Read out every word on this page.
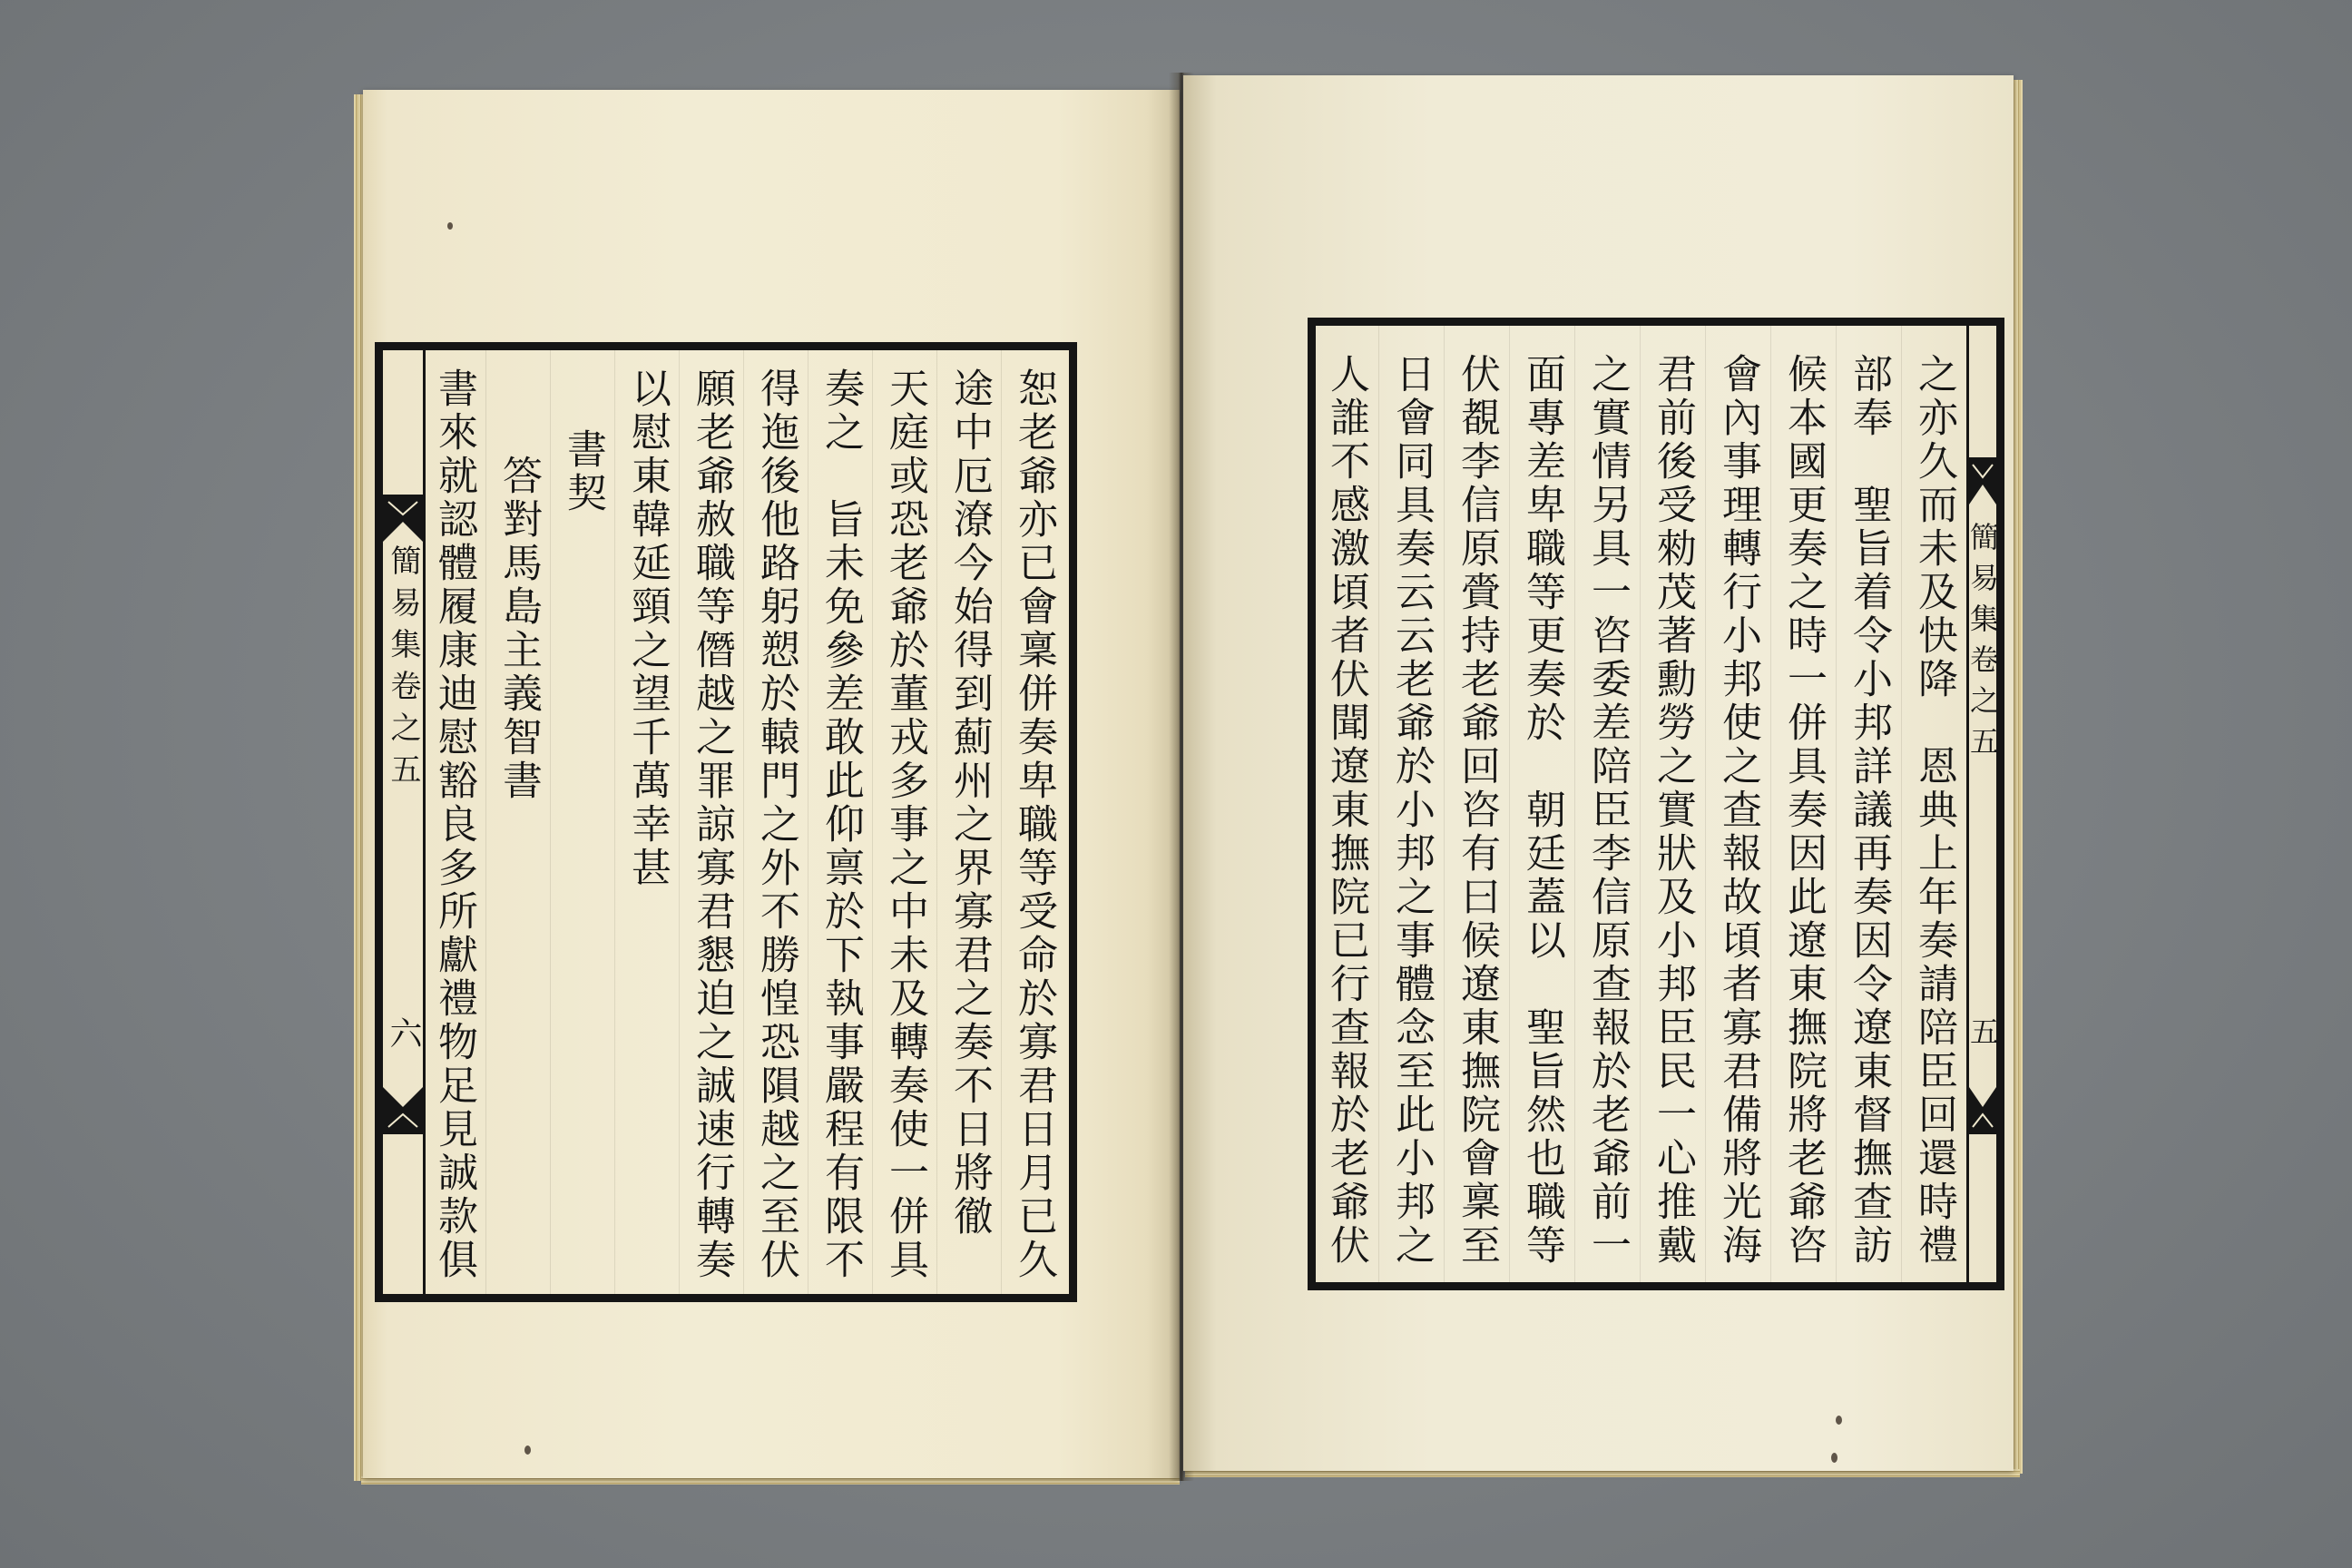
簡易集卷之五
六	恕老爺亦已會稟併奏卑職等受命於寡君日月已久
途中厄潦今始得到薊州之界寡君之奏不日將徹
天庭或恐老爺於董戎多事之中未及轉奏使一併具
奏之　旨未免參差敢此仰禀於下執事嚴程有限不
得迤後他路躬愬於轅門之外不勝惶恐隕越之至伏
願老爺赦職等僭越之罪諒寡君懇迫之誠速行轉奏
以慰東韓延頸之望千萬幸甚
書契
答對馬島主義智書
書來就認體履康迪慰豁良多所獻禮物足見誠款俱	之亦久而未及快降　恩典上年奏請陪臣回還時禮
部奉　聖旨着令小邦詳議再奏因令遼東督撫查訪
候本國更奏之時一併具奏因此遼東撫院將老爺咨
會內事理轉行小邦使之查報故頃者寡君備將光海
君前後受勑茂著勳勞之實狀及小邦臣民一心推戴
之實情另具一咨委差陪臣李信原查報於老爺前一
面專差卑職等更奏於　朝廷蓋以　聖旨然也職等
伏覩李信原賫持老爺回咨有曰候遼東撫院會稟至
日會同具奏云云老爺於小邦之事體念至此小邦之
人誰不感激頃者伏聞遼東撫院已行查報於老爺伏	簡易集卷之五
五
